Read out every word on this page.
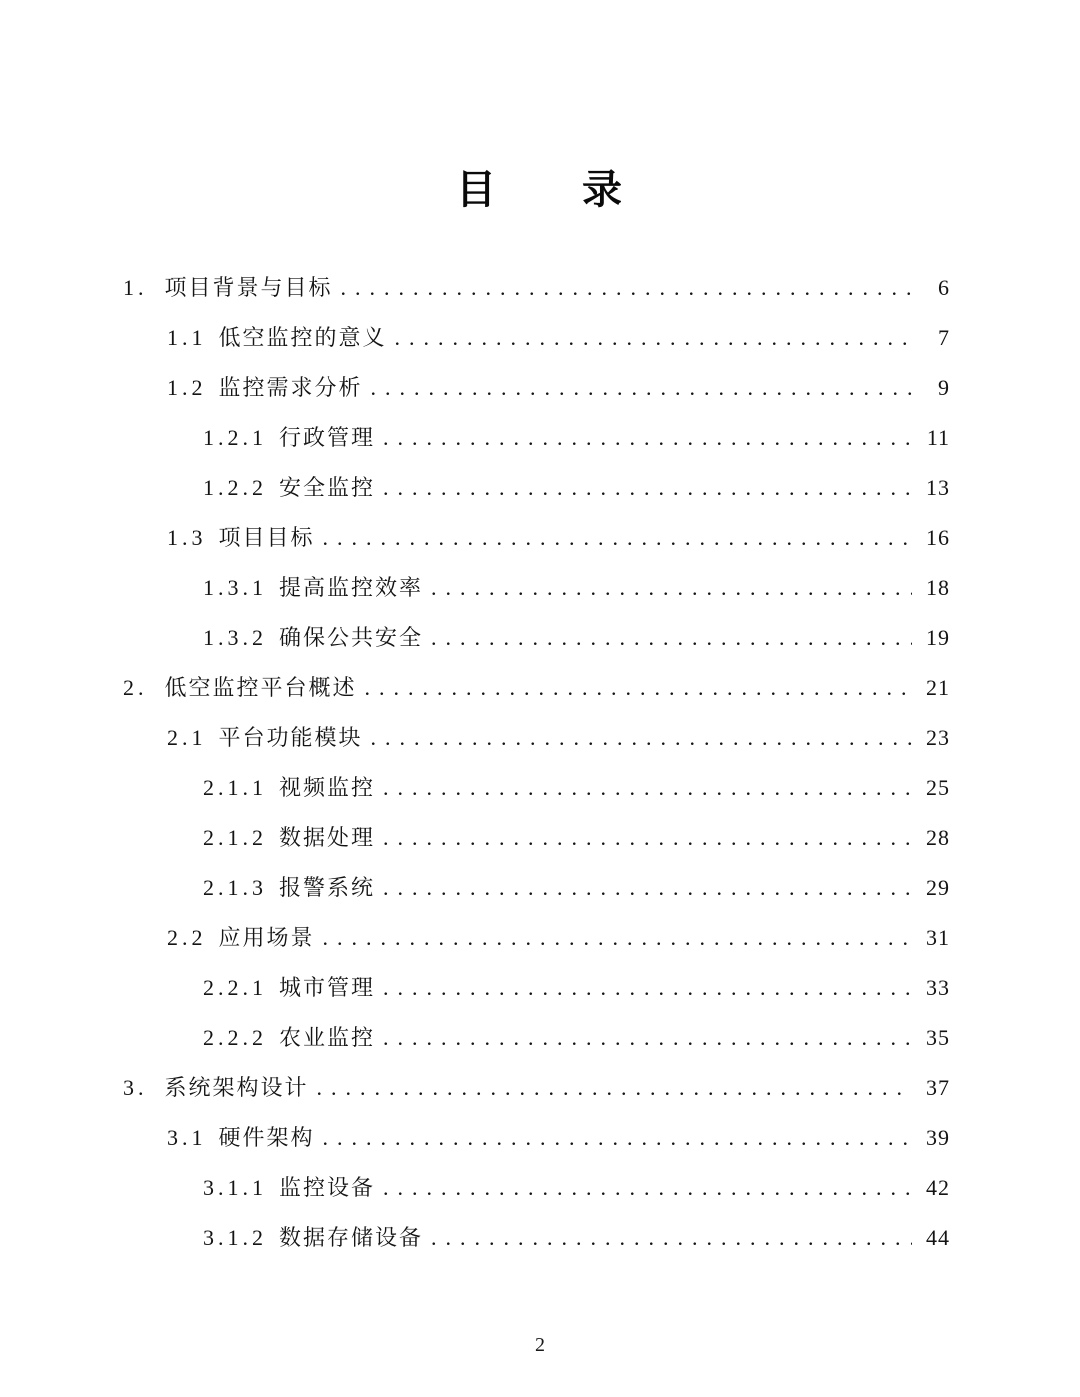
目　　录
1. 项目背景与目标 .....	6
1.1 低空监控的意义 .....	7
1.2 监控需求分析 .....	9
1.2.1 行政管理 .....	11
1.2.2 安全监控 .....	13
1.3 项目目标 .....	16
1.3.1 提高监控效率 .....	18
1.3.2 确保公共安全 .....	19
2. 低空监控平台概述 .....	21
2.1 平台功能模块 .....	23
2.1.1 视频监控 .....	25
2.1.2 数据处理 .....	28
2.1.3 报警系统 .....	29
2.2 应用场景 .....	31
2.2.1 城市管理 .....	33
2.2.2 农业监控 .....	35
3. 系统架构设计 .....	37
3.1 硬件架构 .....	39
3.1.1 监控设备 .....	42
3.1.2 数据存储设备 .....	44
2
